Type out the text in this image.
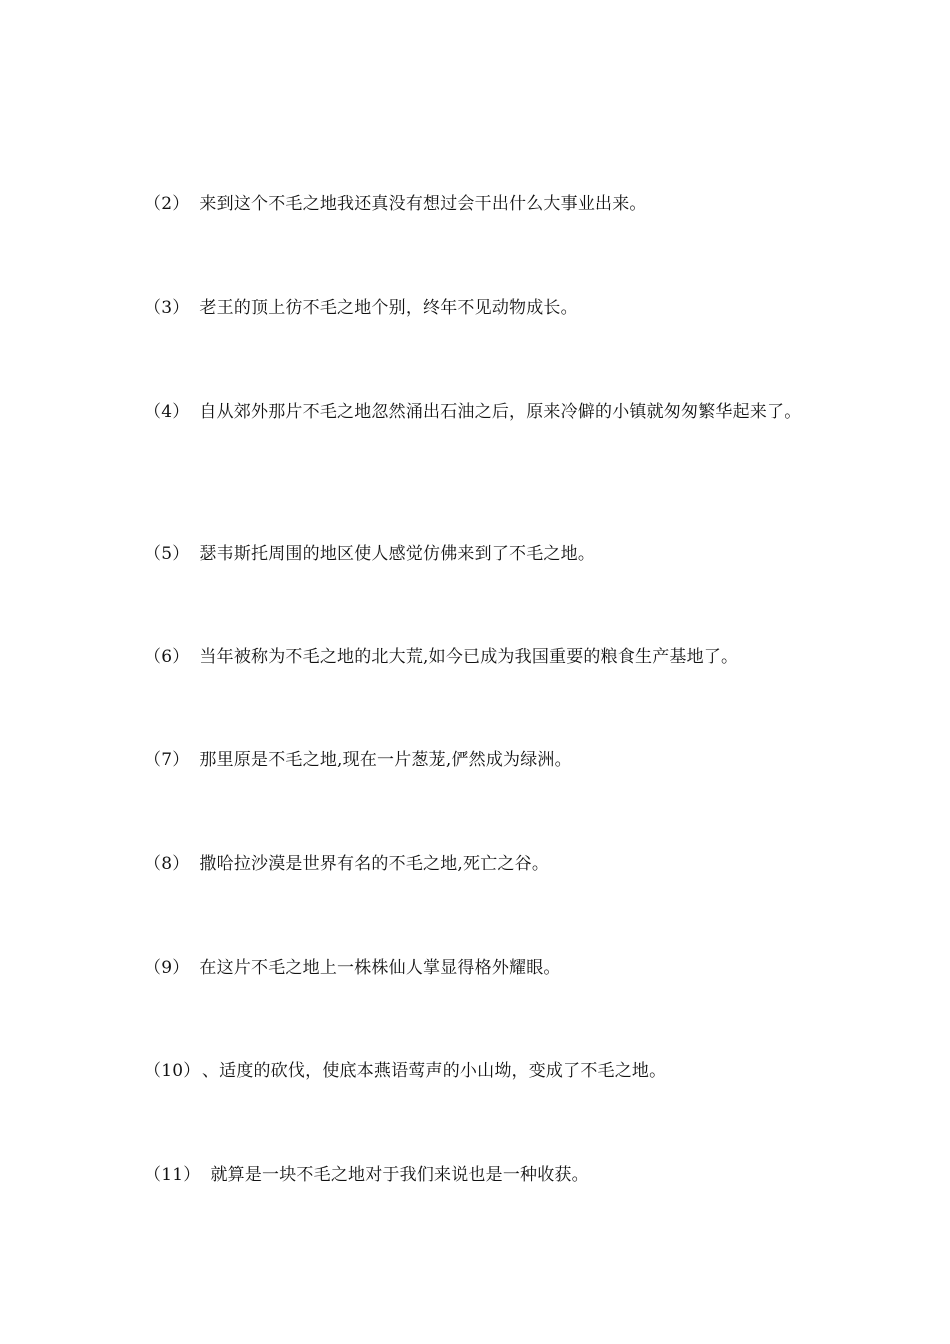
（2） 来到这个不毛之地我还真没有想过会干出什么大事业出来。

（3） 老王的顶上彷不毛之地个别，终年不见动物成长。

（4） 自从郊外那片不毛之地忽然涌出石油之后，原来冷僻的小镇就匆匆繁华起来了。

（5） 瑟韦斯托周围的地区使人感觉仿佛来到了不毛之地。

（6） 当年被称为不毛之地的北大荒,如今已成为我国重要的粮食生产基地了。

（7） 那里原是不毛之地,现在一片葱茏,俨然成为绿洲。

（8） 撒哈拉沙漠是世界有名的不毛之地,死亡之谷。

（9） 在这片不毛之地上一株株仙人掌显得格外耀眼。

（10） 、适度的砍伐，使底本燕语莺声的小山坳，变成了不毛之地。

（11） 就算是一块不毛之地对于我们来说也是一种收获。
